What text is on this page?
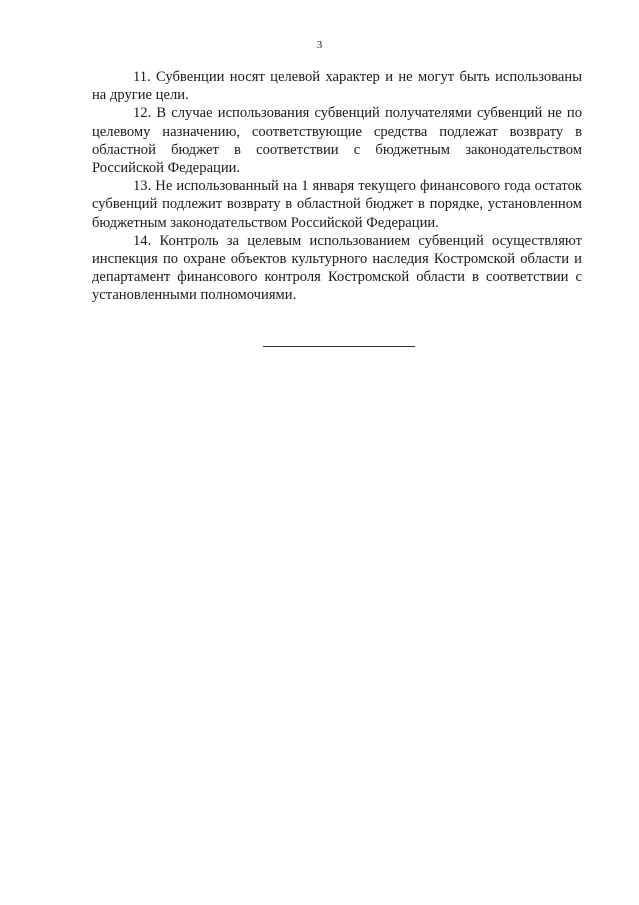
3

11. Субвенции носят целевой характер и не могут быть использованы на другие цели.

12. В случае использования субвенций получателями субвенций не по целевому назначению, соответствующие средства подлежат возврату в областной бюджет в соответствии с бюджетным законодательством Российской Федерации.

13. Не использованный на 1 января текущего финансового года остаток субвенций подлежит возврату в областной бюджет в порядке, установленном бюджетным законодательством Российской Федерации.

14. Контроль за целевым использованием субвенций осуществляют инспекция по охране объектов культурного наследия Костромской области и департамент финансового контроля Костромской области в соответствии с установленными полномочиями.
